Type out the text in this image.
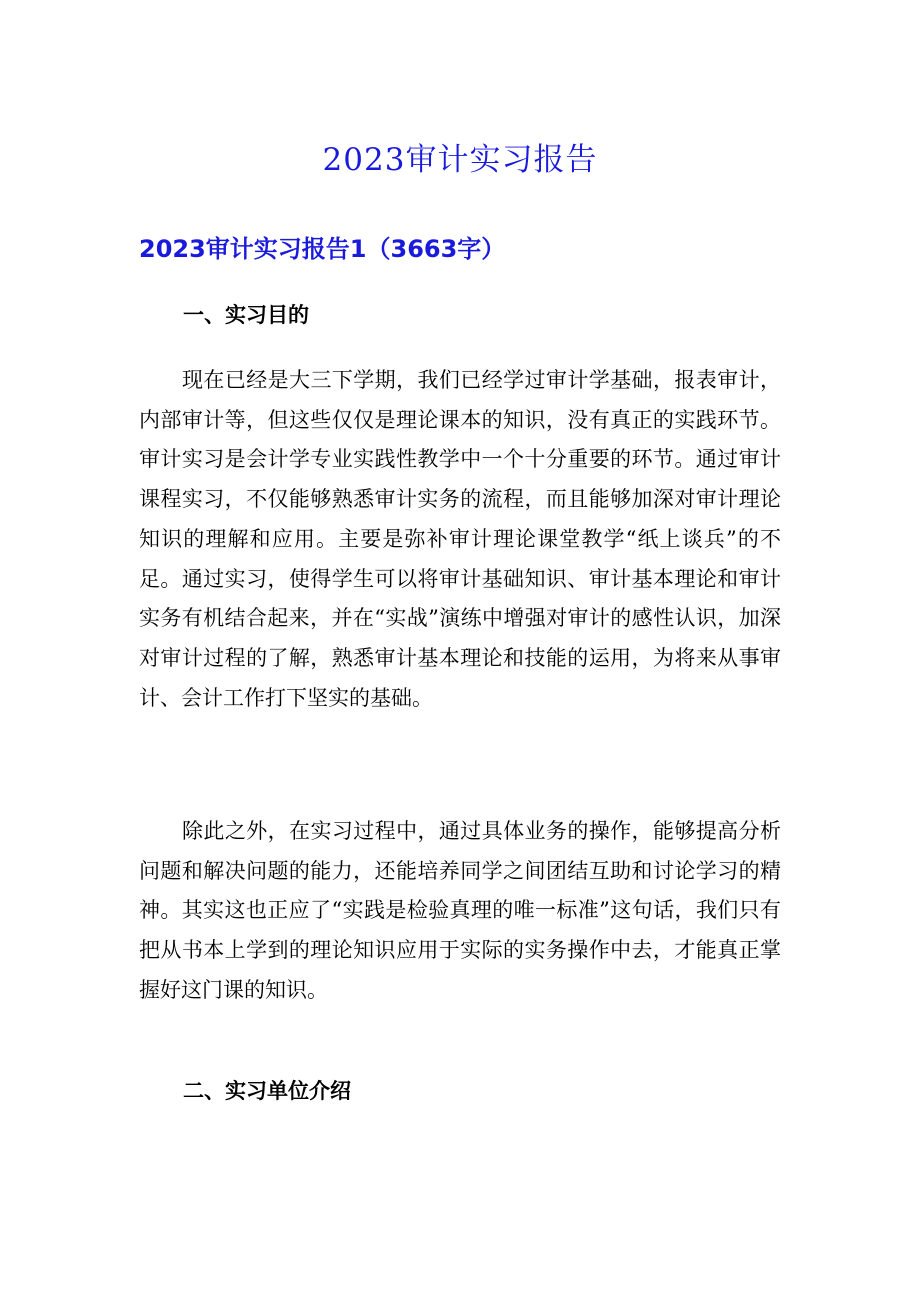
2023审计实习报告
2023审计实习报告1（3663字）
一、实习目的

现在已经是大三下学期，我们已经学过审计学基础，报表审计，内部审计等，但这些仅仅是理论课本的知识，没有真正的实践环节。审计实习是会计学专业实践性教学中一个十分重要的环节。通过审计课程实习，不仅能够熟悉审计实务的流程，而且能够加深对审计理论知识的理解和应用。主要是弥补审计理论课堂教学“纸上谈兵”的不足。通过实习，使得学生可以将审计基础知识、审计基本理论和审计实务有机结合起来，并在“实战”演练中增强对审计的感性认识，加深对审计过程的了解，熟悉审计基本理论和技能的运用，为将来从事审计、会计工作打下坚实的基础。

除此之外，在实习过程中，通过具体业务的操作，能够提高分析问题和解决问题的能力，还能培养同学之间团结互助和讨论学习的精神。其实这也正应了“实践是检验真理的唯一标准”这句话，我们只有把从书本上学到的理论知识应用于实际的实务操作中去，才能真正掌握好这门课的知识。

二、实习单位介绍
